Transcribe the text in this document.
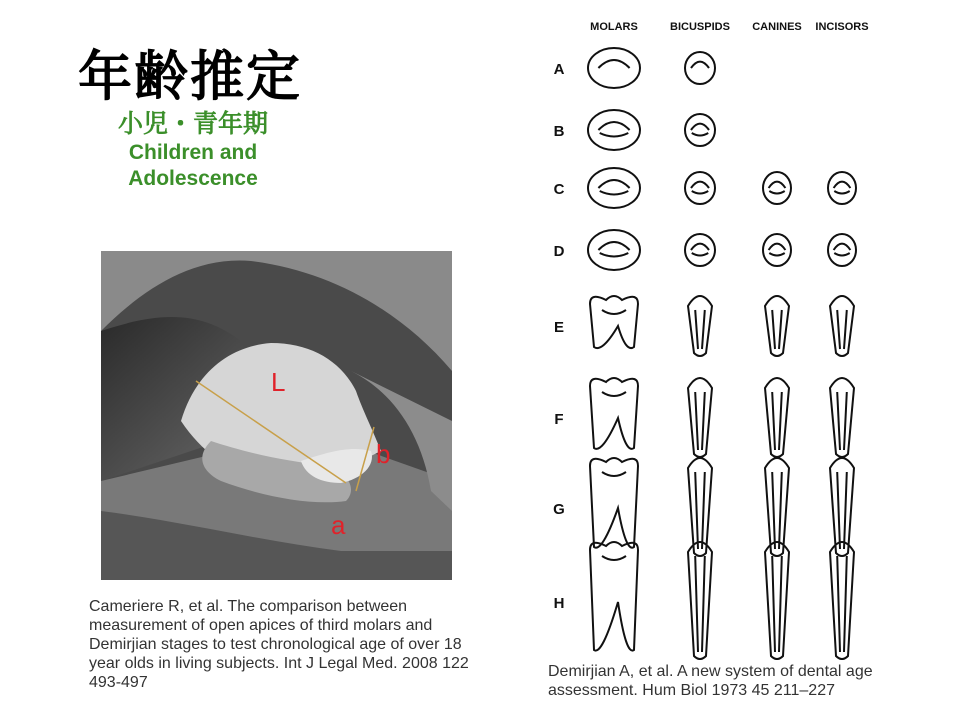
年齢推定
小児・青年期
Children and
Adolescence
L
b
a
Cameriere R, et al. The comparison between measurement of open apices of third molars and Demirjian stages to test chronological age of over 18 year olds in living subjects. Int J Legal Med. 2008 122 493-497
Demirjian A, et al. A new system of dental age assessment. Hum Biol 1973 45 211–227
MOLARS	BICUSPIDS CANINES INCISORS
A
B
C
D
E
F
G
H
